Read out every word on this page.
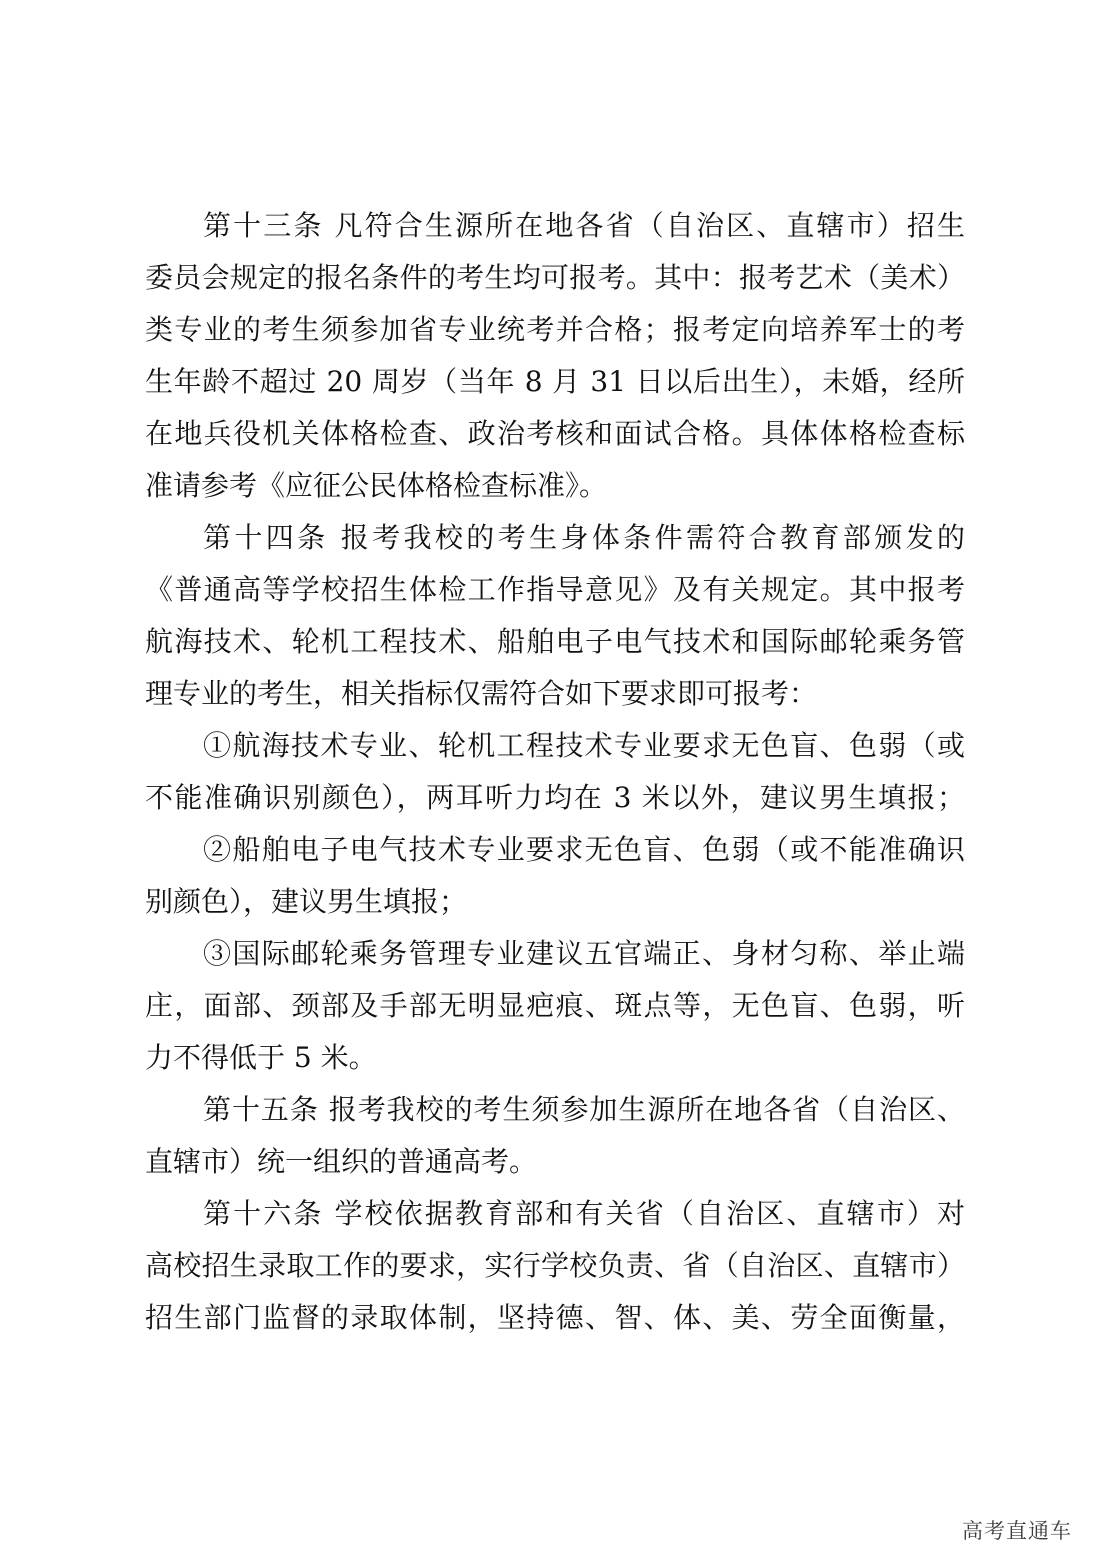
第十三条 凡符合生源所在地各省（自治区、直辖市）招生
委员会规定的报名条件的考生均可报考。其中：报考艺术（美术）
类专业的考生须参加省专业统考并合格；报考定向培养军士的考
生年龄不超过 20 周岁（当年 8 月 31 日以后出生），未婚，经所
在地兵役机关体格检查、政治考核和面试合格。具体体格检查标
准请参考《应征公民体格检查标准》。
第十四条 报考我校的考生身体条件需符合教育部颁发的
《普通高等学校招生体检工作指导意见》及有关规定。其中报考
航海技术、轮机工程技术、船舶电子电气技术和国际邮轮乘务管
理专业的考生，相关指标仅需符合如下要求即可报考：
①航海技术专业、轮机工程技术专业要求无色盲、色弱（或
不能准确识别颜色），两耳听力均在 3 米以外，建议男生填报；
②船舶电子电气技术专业要求无色盲、色弱（或不能准确识
别颜色），建议男生填报；
③国际邮轮乘务管理专业建议五官端正、身材匀称、举止端
庄，面部、颈部及手部无明显疤痕、斑点等，无色盲、色弱，听
力不得低于 5 米。
第十五条 报考我校的考生须参加生源所在地各省（自治区、
直辖市）统一组织的普通高考。
第十六条 学校依据教育部和有关省（自治区、直辖市）对
高校招生录取工作的要求，实行学校负责、省（自治区、直辖市）
招生部门监督的录取体制，坚持德、智、体、美、劳全面衡量，
高考直通车
